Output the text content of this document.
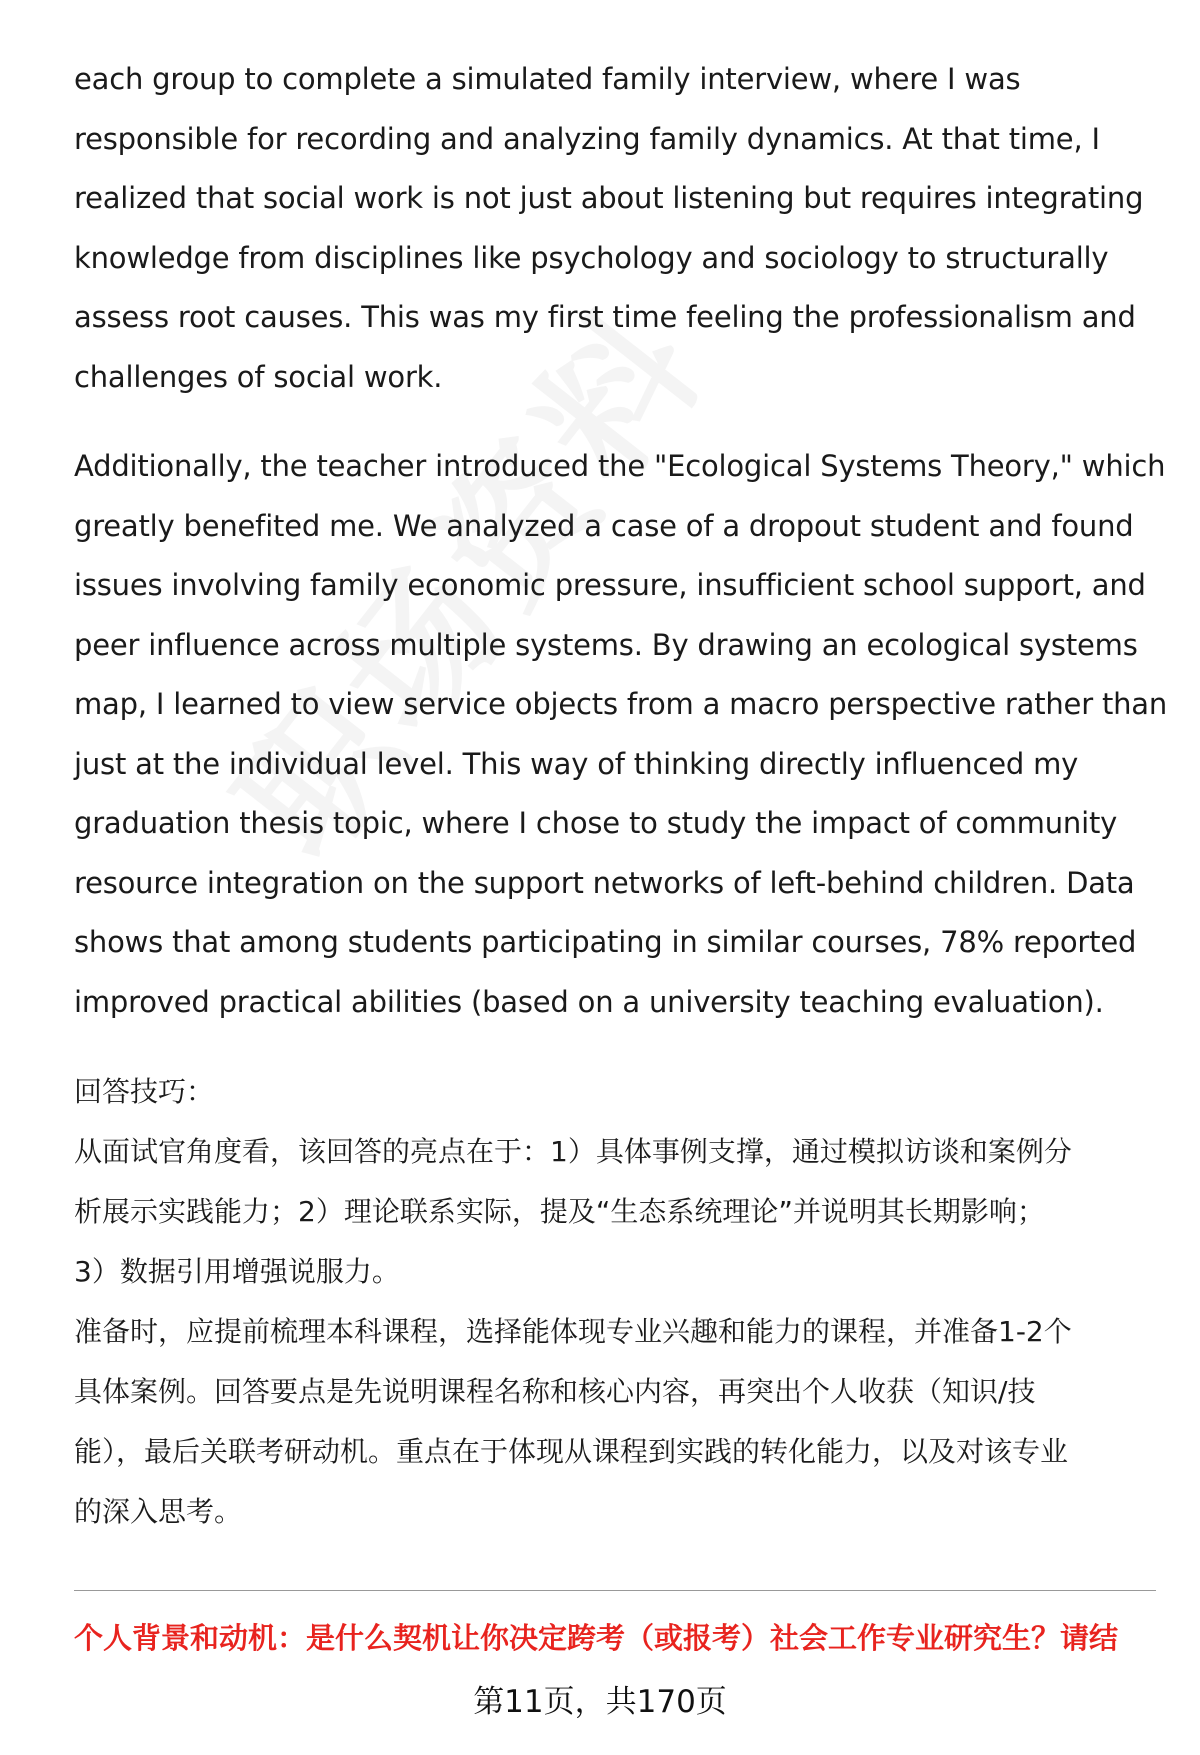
each group to complete a simulated family interview, where I was
responsible for recording and analyzing family dynamics. At that time, I
realized that social work is not just about listening but requires integrating
knowledge from disciplines like psychology and sociology to structurally
assess root causes. This was my first time feeling the professionalism and
challenges of social work.

Additionally, the teacher introduced the "Ecological Systems Theory," which
greatly benefited me. We analyzed a case of a dropout student and found
issues involving family economic pressure, insufficient school support, and
peer influence across multiple systems. By drawing an ecological systems
map, I learned to view service objects from a macro perspective rather than
just at the individual level. This way of thinking directly influenced my
graduation thesis topic, where I chose to study the impact of community
resource integration on the support networks of left-behind children. Data
shows that among students participating in similar courses, 78% reported
improved practical abilities (based on a university teaching evaluation).

回答技巧：

从面试官角度看，该回答的亮点在于：1）具体事例支撑，通过模拟访谈和案例分
析展示实践能力；2）理论联系实际，提及“生态系统理论”并说明其长期影响；
3）数据引用增强说服力。

准备时，应提前梳理本科课程，选择能体现专业兴趣和能力的课程，并准备1-2个
具体案例。回答要点是先说明课程名称和核心内容，再突出个人收获（知识/技
能），最后关联考研动机。重点在于体现从课程到实践的转化能力，以及对该专业
的深入思考。

个人背景和动机：是什么契机让你决定跨考（或报考）社会工作专业研究生？请结
第11页，共170页
